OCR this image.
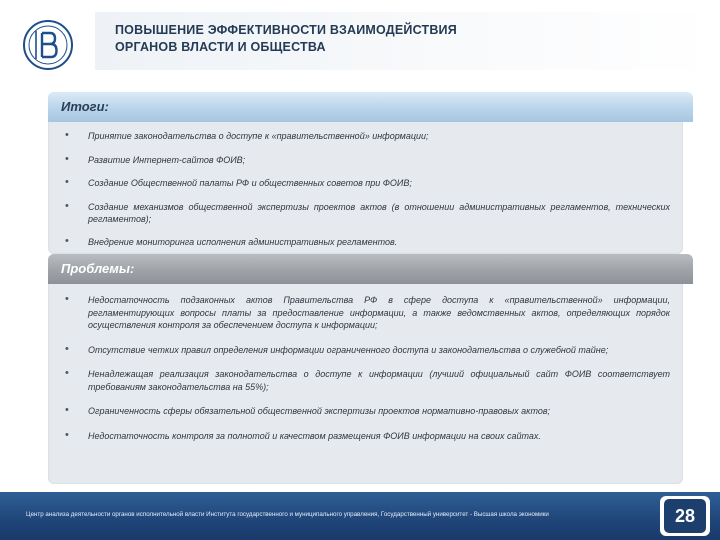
ПОВЫШЕНИЕ ЭФФЕКТИВНОСТИ ВЗАИМОДЕЙСТВИЯ
ОРГАНОВ ВЛАСТИ И ОБЩЕСТВА
Итоги:
• Принятие законодательства о доступе к «правительственной» информации;
• Развитие Интернет-сайтов ФОИВ;
• Создание Общественной палаты РФ и общественных советов при ФОИВ;
• Создание механизмов общественной экспертизы проектов актов (в отношении административных регламентов, технических регламентов);
• Внедрение мониторинга исполнения административных регламентов.
Проблемы:
• Недостаточность подзаконных актов Правительства РФ в сфере доступа к «правительственной» информации, регламентирующих вопросы платы за предоставление информации, а также ведомственных актов, определяющих порядок осуществления контроля за обеспечением доступа к информации;
• Отсутствие четких правил определения информации ограниченного доступа и законодательства о служебной тайне;
• Ненадлежащая реализация законодательства о доступе к информации (лучший официальный сайт ФОИВ соответствует требованиям законодательства на 55%);
• Ограниченность сферы обязательной общественной экспертизы проектов нормативно-правовых актов;
• Недостаточность контроля за полнотой и качеством размещения ФОИВ информации на своих сайтах.
Центр анализа деятельности органов исполнительной власти Института государственного и муниципального управления, Государственный университет - Высшая школа экономики	28
